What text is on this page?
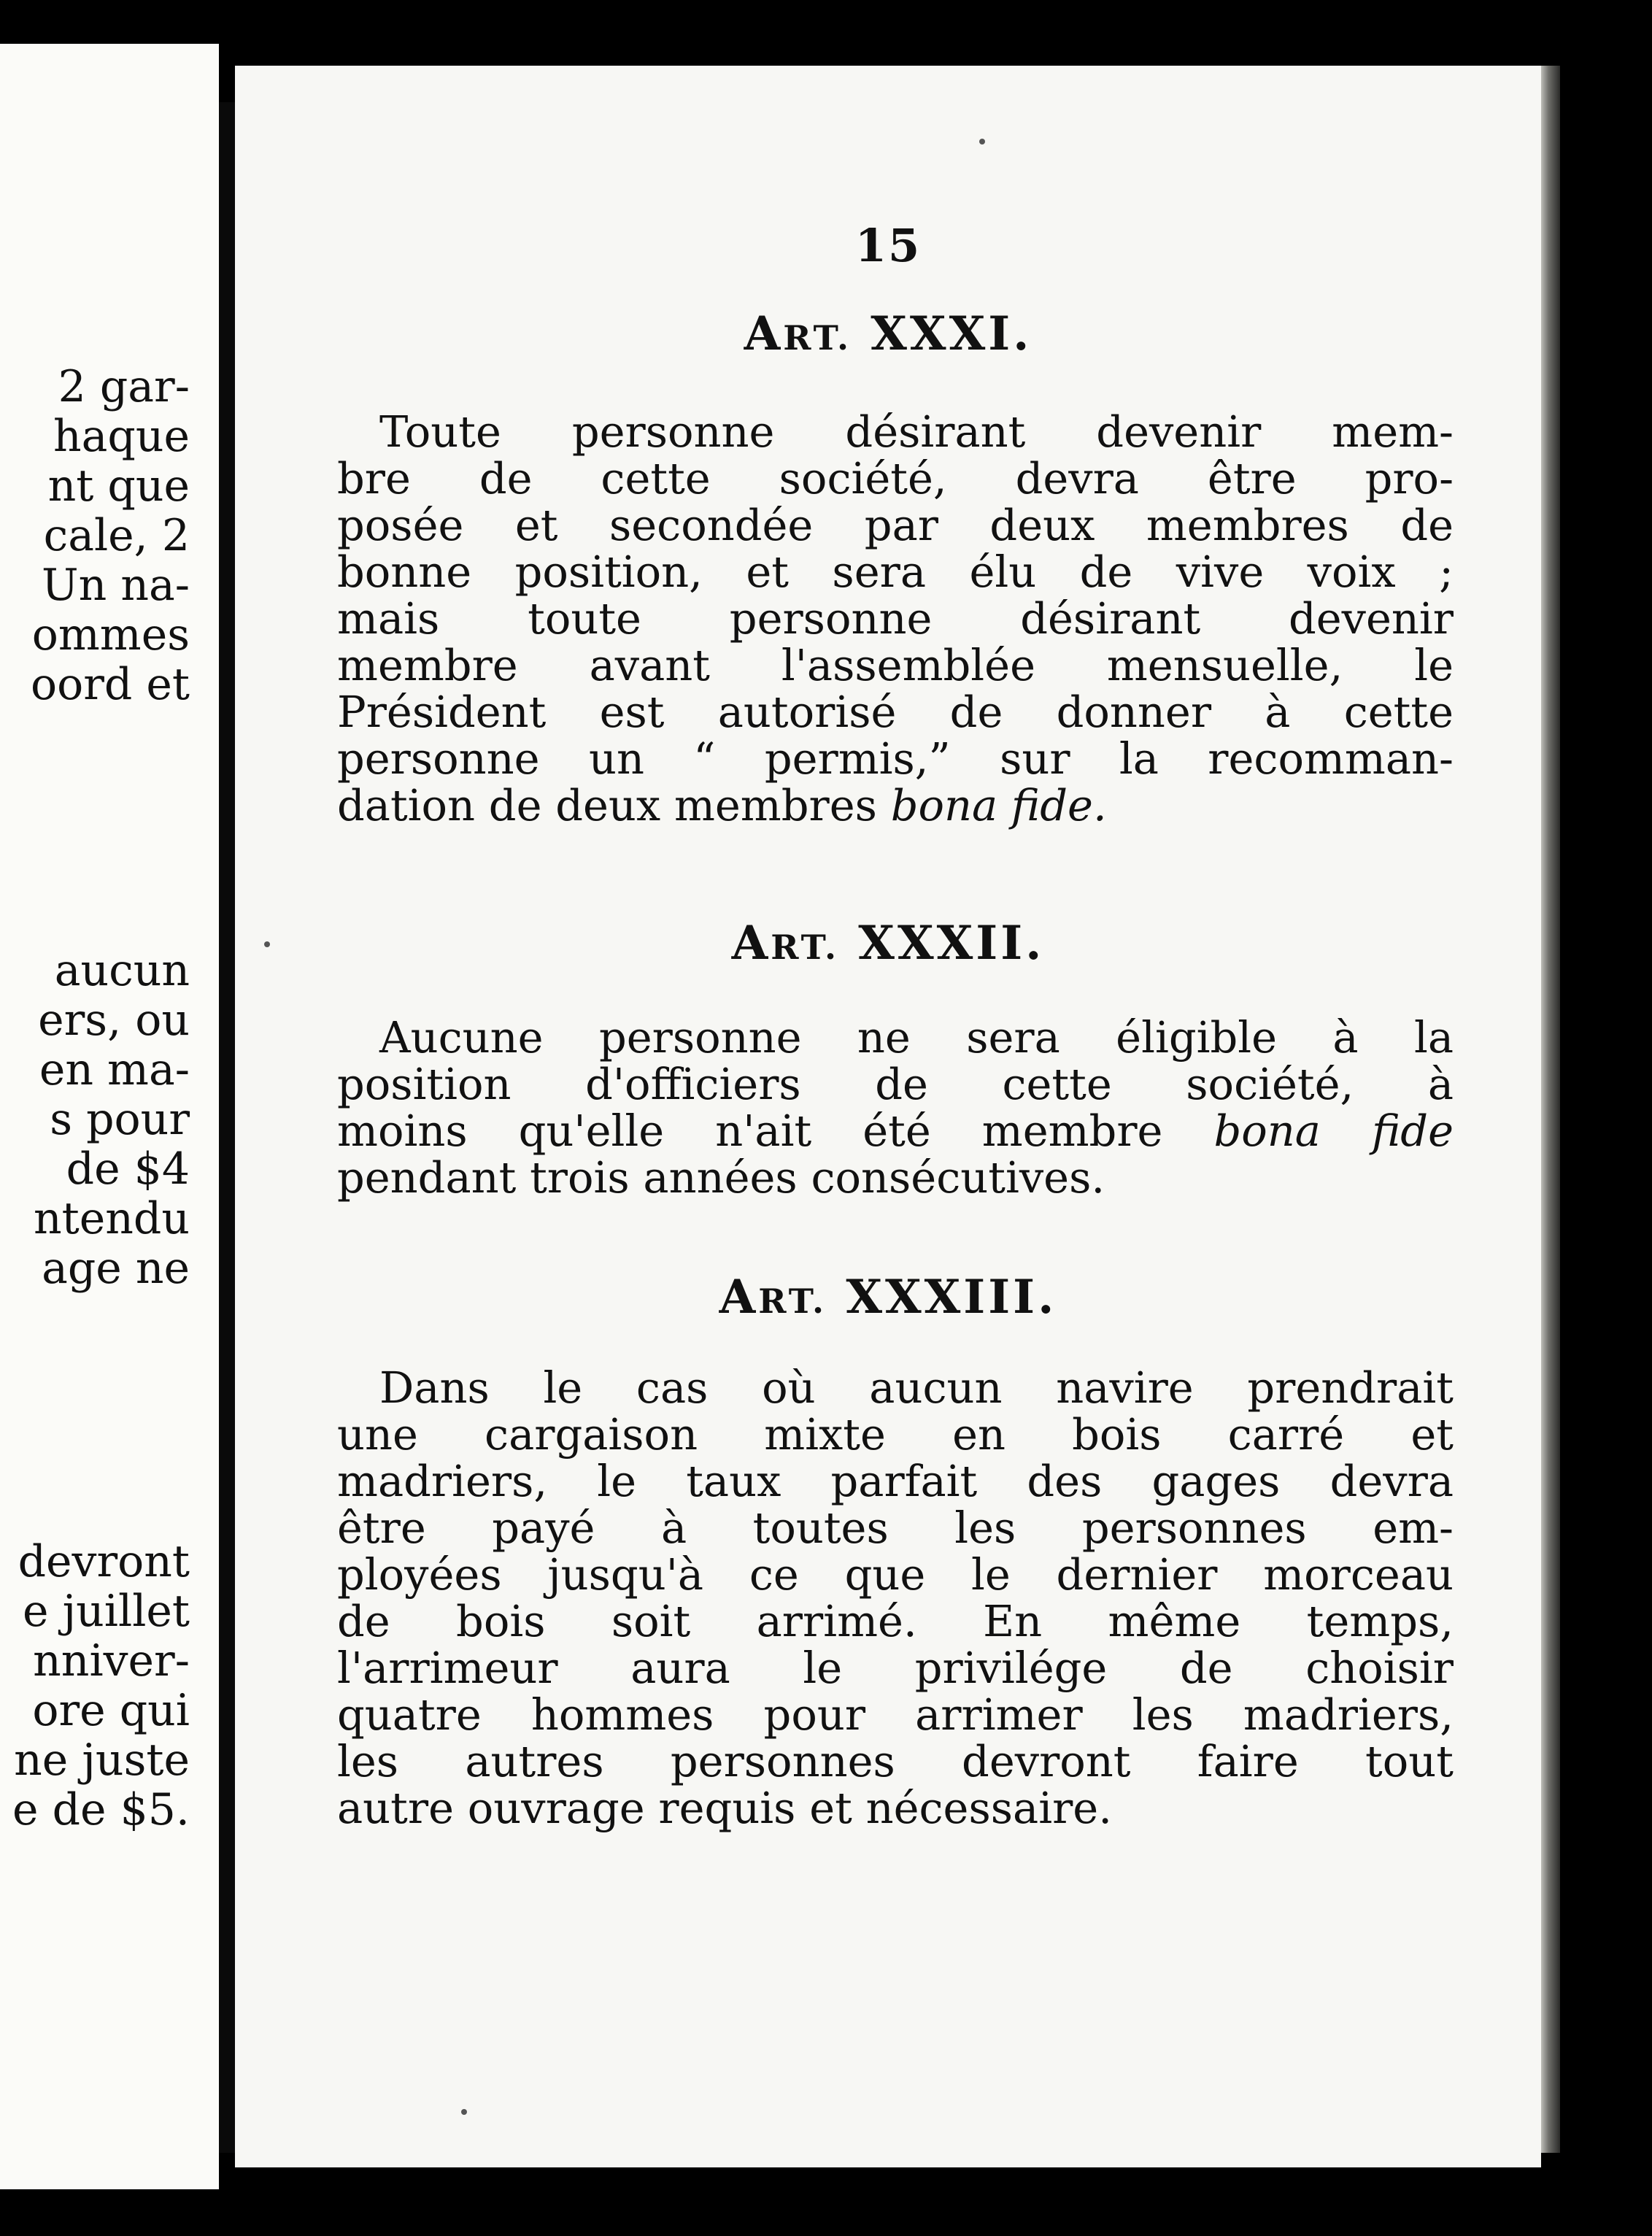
2 gar-
haque
nt que
cale, 2
Un na-
ommes
oord et
aucun
ers, ou
en ma-
s pour
de $4
ntendu
age ne
devront
e juillet
nniver-
ore qui
ne juste
e de $5.
15
ART. XXXI.
Toute personne désirant devenir mem-
bre de cette société, devra être pro-
posée et secondée par deux membres de
bonne position, et sera élu de vive voix ;
mais toute personne désirant devenir
membre avant l'assemblée mensuelle, le
Président est autorisé de donner à cette
personne un “ permis,” sur la recomman-
dation de deux membres bona fide.
ART. XXXII.
Aucune personne ne sera éligible à la
position d'officiers de cette société, à
moins qu'elle n'ait été membre bona fide
pendant trois années consécutives.
ART. XXXIII.
Dans le cas où aucun navire prendrait
une cargaison mixte en bois carré et
madriers, le taux parfait des gages devra
être payé à toutes les personnes em-
ployées jusqu'à ce que le dernier morceau
de bois soit arrimé. En même temps,
l'arrimeur aura le privilége de choisir
quatre hommes pour arrimer les madriers,
les autres personnes devront faire tout
autre ouvrage requis et nécessaire.
